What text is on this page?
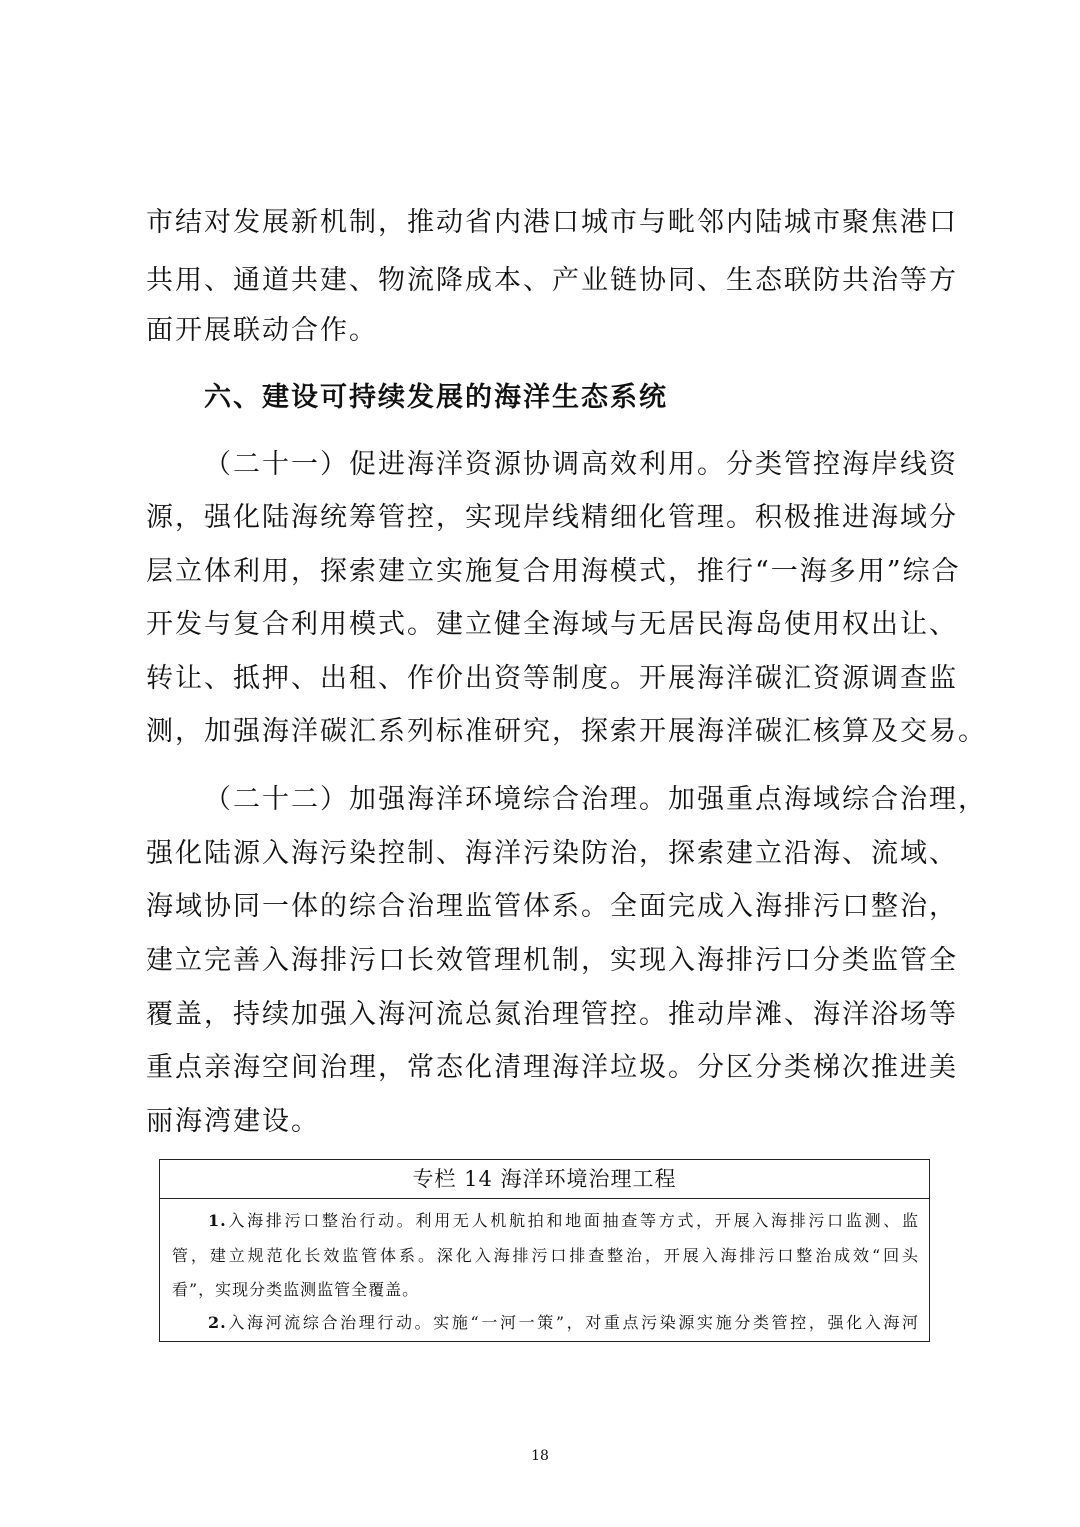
市结对发展新机制，推动省内港口城市与毗邻内陆城市聚焦港口
共用、通道共建、物流降成本、产业链协同、生态联防共治等方
面开展联动合作。
六、建设可持续发展的海洋生态系统
（二十一）促进海洋资源协调高效利用。分类管控海岸线资
源，强化陆海统筹管控，实现岸线精细化管理。积极推进海域分
层立体利用，探索建立实施复合用海模式，推行“一海多用”综合
开发与复合利用模式。建立健全海域与无居民海岛使用权出让、
转让、抵押、出租、作价出资等制度。开展海洋碳汇资源调查监
测，加强海洋碳汇系列标准研究，探索开展海洋碳汇核算及交易。
（二十二）加强海洋环境综合治理。加强重点海域综合治理，
强化陆源入海污染控制、海洋污染防治，探索建立沿海、流域、
海域协同一体的综合治理监管体系。全面完成入海排污口整治，
建立完善入海排污口长效管理机制，实现入海排污口分类监管全
覆盖，持续加强入海河流总氮治理管控。推动岸滩、海洋浴场等
重点亲海空间治理，常态化清理海洋垃圾。分区分类梯次推进美
丽海湾建设。
专栏 14 海洋环境治理工程
1.入海排污口整治行动。利用无人机航拍和地面抽查等方式，开展入海排污口监测、监
管，建立规范化长效监管体系。深化入海排污口排查整治，开展入海排污口整治成效“回头
看”，实现分类监测监管全覆盖。
2.入海河流综合治理行动。实施“一河一策”，对重点污染源实施分类管控，强化入海河
18
